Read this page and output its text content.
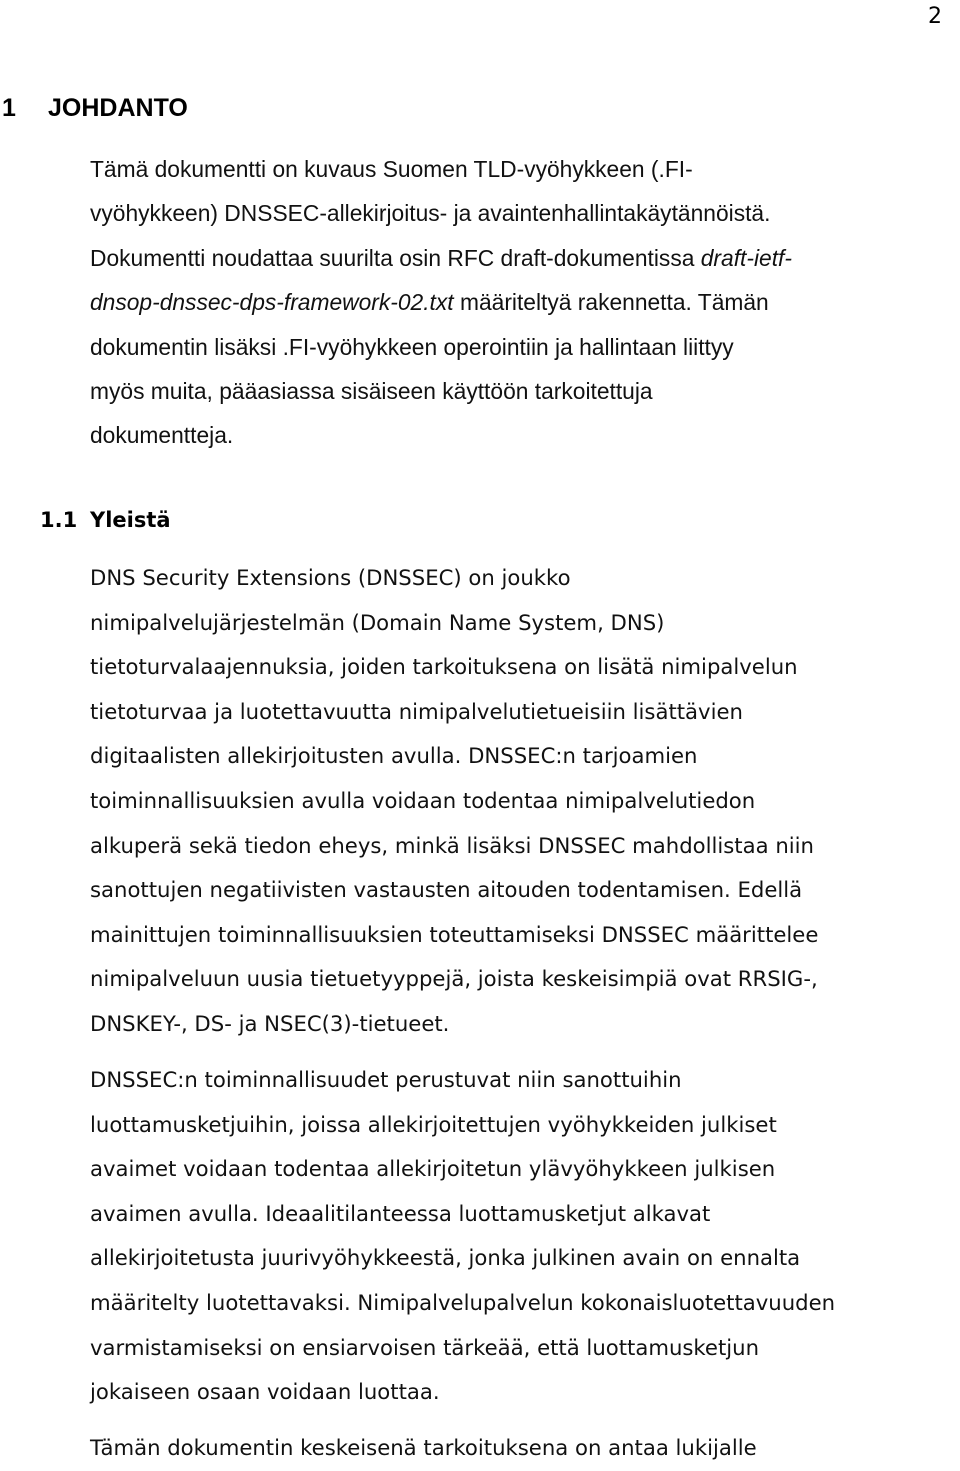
2
1 JOHDANTO
Tämä dokumentti on kuvaus Suomen TLD-vyöhykkeen (.FI-
vyöhykkeen) DNSSEC-allekirjoitus- ja avaintenhallintakäytännöistä.
Dokumentti noudattaa suurilta osin RFC draft-dokumentissa draft-ietf-
dnsop-dnssec-dps-framework-02.txt määriteltyä rakennetta. Tämän
dokumentin lisäksi .FI-vyöhykkeen operointiin ja hallintaan liittyy
myös muita, pääasiassa sisäiseen käyttöön tarkoitettuja
dokumentteja.
1.1 Yleistä
DNS Security Extensions (DNSSEC) on joukko
nimipalvelujärjestelmän (Domain Name System, DNS)
tietoturvalaajennuksia, joiden tarkoituksena on lisätä nimipalvelun
tietoturvaa ja luotettavuutta nimipalvelutietueisiin lisättävien
digitaalisten allekirjoitusten avulla. DNSSEC:n tarjoamien
toiminnallisuuksien avulla voidaan todentaa nimipalvelutiedon
alkuperä sekä tiedon eheys, minkä lisäksi DNSSEC mahdollistaa niin
sanottujen negatiivisten vastausten aitouden todentamisen. Edellä
mainittujen toiminnallisuuksien toteuttamiseksi DNSSEC määrittelee
nimipalveluun uusia tietuetyyppejä, joista keskeisimpiä ovat RRSIG-,
DNSKEY-, DS- ja NSEC(3)-tietueet.
DNSSEC:n toiminnallisuudet perustuvat niin sanottuihin
luottamusketjuihin, joissa allekirjoitettujen vyöhykkeiden julkiset
avaimet voidaan todentaa allekirjoitetun ylävyöhykkeen julkisen
avaimen avulla. Ideaalitilanteessa luottamusketjut alkavat
allekirjoitetusta juurivyöhykkeestä, jonka julkinen avain on ennalta
määritelty luotettavaksi. Nimipalvelupalvelun kokonaisluotettavuuden
varmistamiseksi on ensiarvoisen tärkeää, että luottamusketjun
jokaiseen osaan voidaan luottaa.
Tämän dokumentin keskeisenä tarkoituksena on antaa lukijalle
